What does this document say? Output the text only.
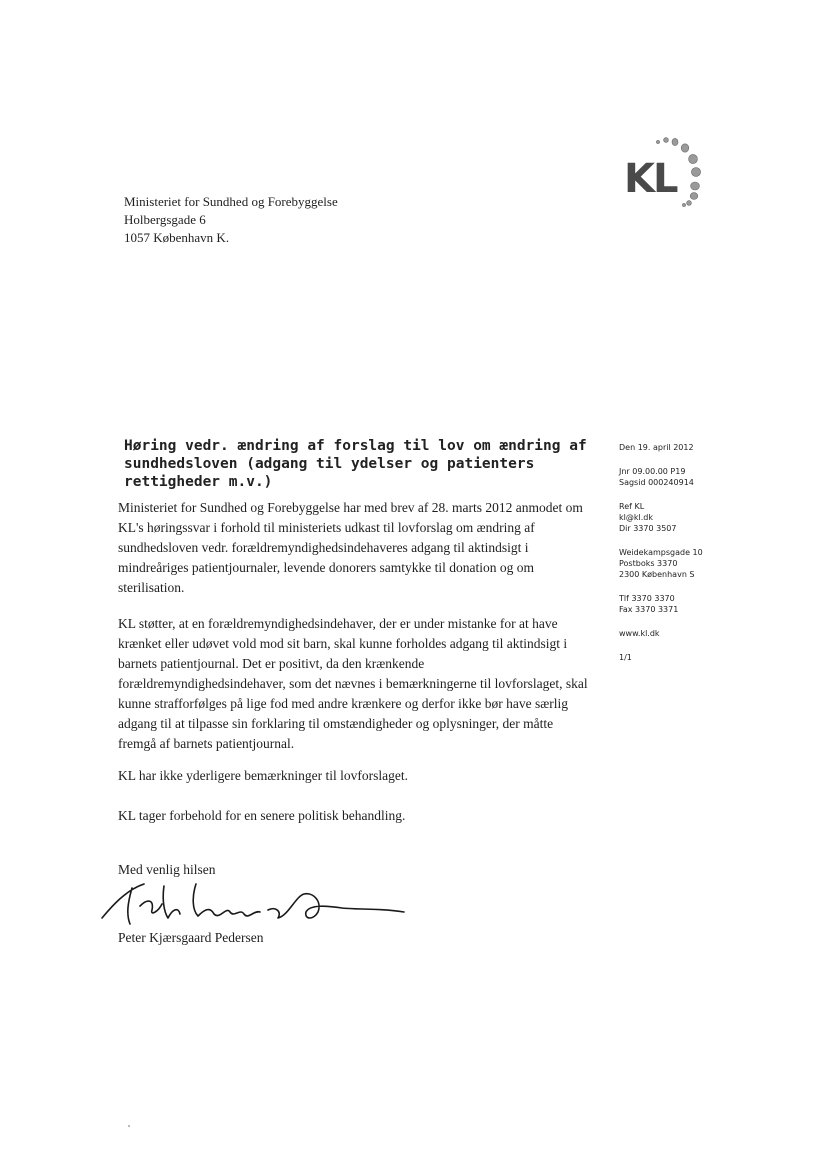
KL
Ministeriet for Sundhed og Forebyggelse
Holbergsgade 6
1057 København K.
Høring vedr. ændring af forslag til lov om ændring af sundhedsloven (adgang til ydelser og patienters rettigheder m.v.)

Ministeriet for Sundhed og Forebyggelse har med brev af 28. marts 2012 anmodet om KL's høringssvar i forhold til ministeriets udkast til lovforslag om ændring af sundhedsloven vedr. forældremyndighedsindehaveres adgang til aktindsigt i mindreåriges patientjournaler, levende donorers samtykke til donation og om sterilisation.

KL støtter, at en forældremyndighedsindehaver, der er under mistanke for at have krænket eller udøvet vold mod sit barn, skal kunne forholdes adgang til aktindsigt i barnets patientjournal. Det er positivt, da den krænkende forældremyndighedsindehaver, som det nævnes i bemærkningerne til lovforslaget, skal kunne strafforfølges på lige fod med andre krænkere og derfor ikke bør have særlig adgang til at tilpasse sin forklaring til omstændigheder og oplysninger, der måtte fremgå af barnets patientjournal.

KL har ikke yderligere bemærkninger til lovforslaget.

KL tager forbehold for en senere politisk behandling.

Med venlig hilsen
Peter Kjærsgaard Pedersen
Den 19. april 2012
Jnr 09.00.00 P19
Sagsid 000240914
Ref KL
kl@kl.dk
Dir 3370 3507
Weidekampsgade 10
Postboks 3370
2300 København S
Tlf 3370 3370
Fax 3370 3371
www.kl.dk
1/1
